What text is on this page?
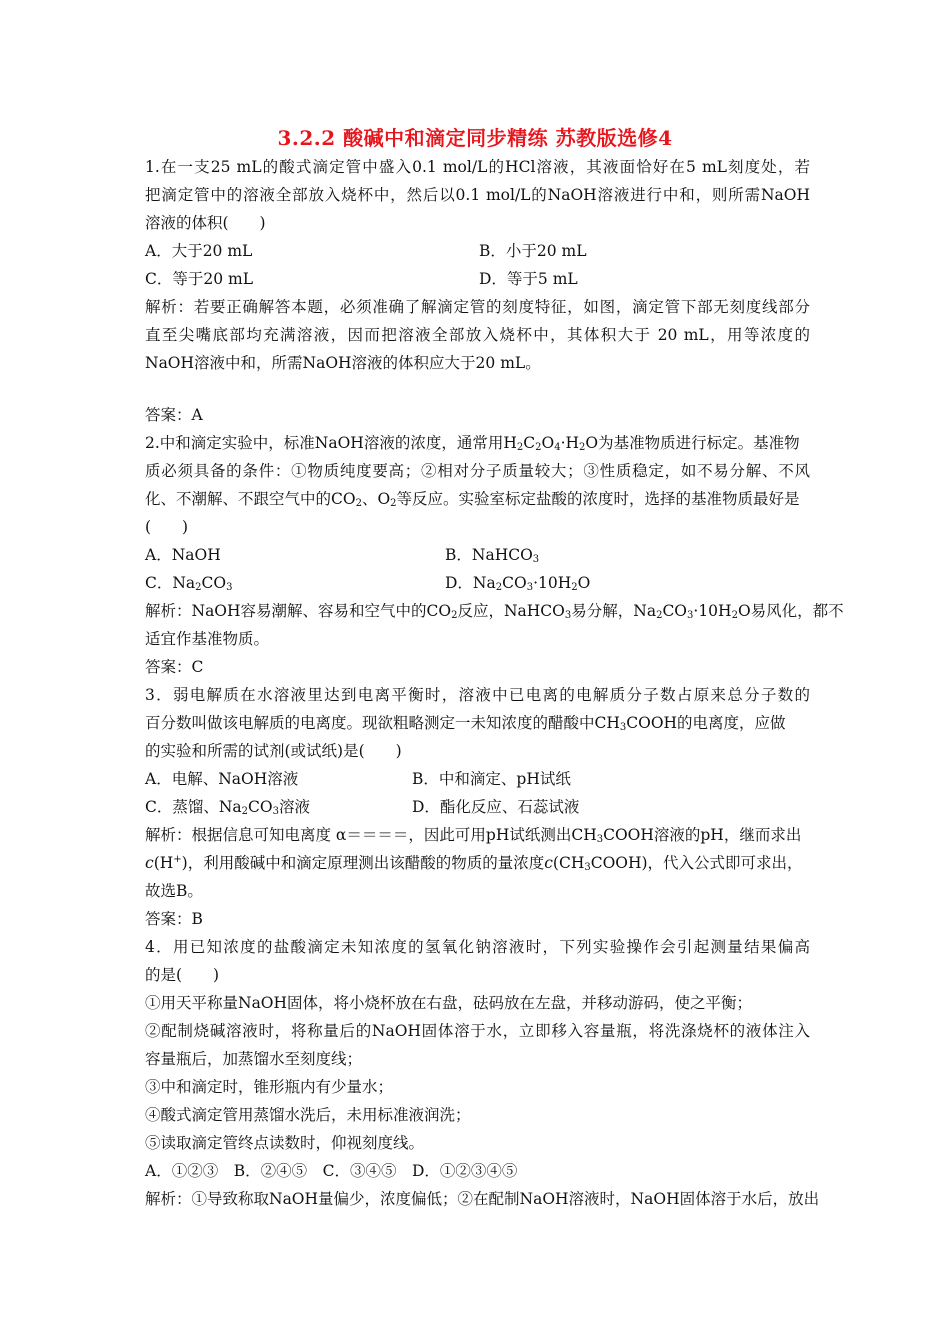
3.2.2 酸碱中和滴定同步精练 苏教版选修4
1.在一支25 mL的酸式滴定管中盛入0.1 mol/L的HCl溶液，其液面恰好在5 mL刻度处，若
把滴定管中的溶液全部放入烧杯中，然后以0.1 mol/L的NaOH溶液进行中和，则所需NaOH
溶液的体积(　　)
A．大于20 mL	B．小于20 mL
C．等于20 mL	D．等于5 mL
解析：若要正确解答本题，必须准确了解滴定管的刻度特征，如图，滴定管下部无刻度线部分
直至尖嘴底部均充满溶液，因而把溶液全部放入烧杯中，其体积大于 20 mL，用等浓度的
NaOH溶液中和，所需NaOH溶液的体积应大于20 mL。
答案：A
2.中和滴定实验中，标准NaOH溶液的浓度，通常用$H_2C_2O_4\cdot H_2O$为基准物质进行标定。基准物
质必须具备的条件：①物质纯度要高；②相对分子质量较大；③性质稳定，如不易分解、不风
化、不潮解、不跟空气中的$CO_2$、$O_2$等反应。实验室标定盐酸的浓度时，选择的基准物质最好是
(　　)
A．NaOH	B．NaHCO$_3$
C．$Na_2CO_3$	D．$Na_2CO_3\cdot 10H_2O$
解析：NaOH容易潮解、容易和空气中的$CO_2$反应，NaHCO$_3$易分解，$Na_2CO_3\cdot 10H_2O$易风化，都不
适宜作基准物质。
答案：C
3．弱电解质在水溶液里达到电离平衡时，溶液中已电离的电解质分子数占原来总分子数的
百分数叫做该电解质的电离度。现欲粗略测定一未知浓度的醋酸中$CH_3COOH$的电离度，应做
的实验和所需的试剂(或试纸)是(　　)
A．电解、NaOH溶液	B．中和滴定、pH试纸
C．蒸馏、$Na_2CO_3$溶液	D．酯化反应、石蕊试液
解析：根据信息可知电离度 α＝＝＝＝，因此可用pH试纸测出$CH_3COOH$溶液的pH，继而求出
c(H+)，利用酸碱中和滴定原理测出该醋酸的物质的量浓度$c(CH_3COOH)$，代入公式即可求出，
故选B。
答案：B
4．用已知浓度的盐酸滴定未知浓度的氢氧化钠溶液时，下列实验操作会引起测量结果偏高
的是(　　)
①用天平称量NaOH固体，将小烧杯放在右盘，砝码放在左盘，并移动游码，使之平衡；
②配制烧碱溶液时，将称量后的NaOH固体溶于水，立即移入容量瓶，将洗涤烧杯的液体注入
容量瓶后，加蒸馏水至刻度线；
③中和滴定时，锥形瓶内有少量水；
④酸式滴定管用蒸馏水洗后，未用标准液润洗；
⑤读取滴定管终点读数时，仰视刻度线。
A．①②③　B．②④⑤　C．③④⑤　D．①②③④⑤
解析：①导致称取NaOH量偏少，浓度偏低；②在配制NaOH溶液时，NaOH固体溶于水后，放出
